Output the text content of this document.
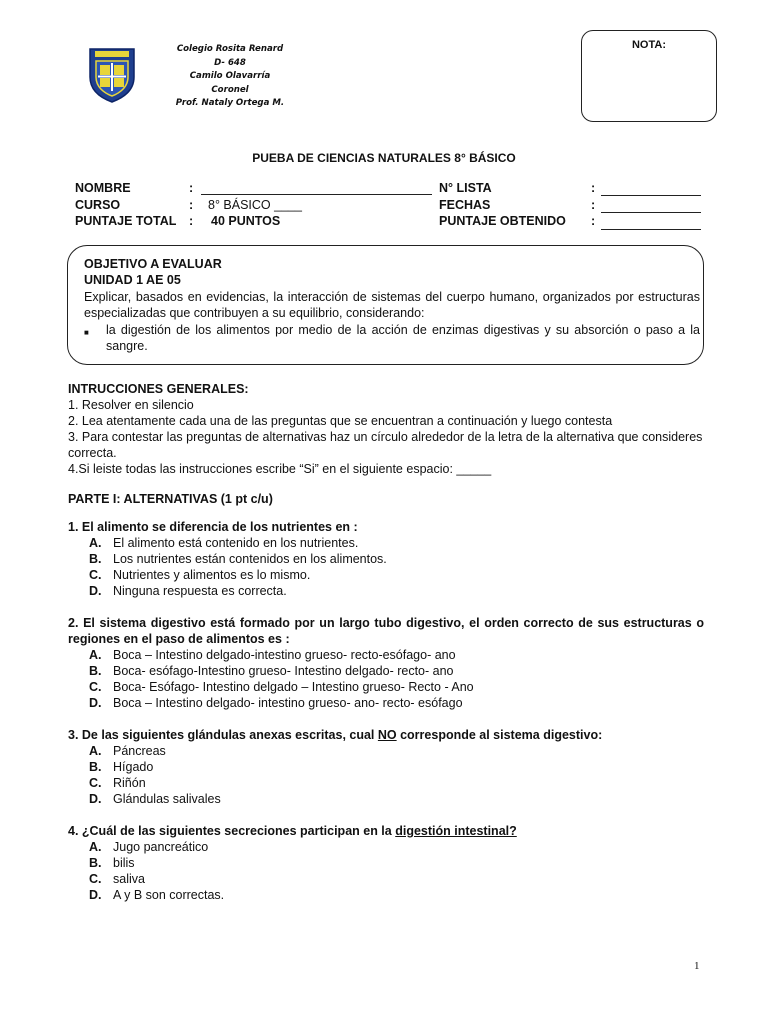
Colegio Rosita Renard
D- 648
Camilo Olavarría
Coronel
Prof. Nataly Ortega M.
NOTA:
PUEBA DE CIENCIAS NATURALES 8° BÁSICO
NOMBRE
CURSO
PUNTAJE TOTAL
:
:
:
8° BÁSICO ____
40 PUNTOS
N° LISTA
FECHAS
PUNTAJE OBTENIDO
:
:
:
OBJETIVO A EVALUAR
UNIDAD 1 AE 05
Explicar, basados en evidencias, la interacción de sistemas del cuerpo humano, organizados por estructuras especializadas que contribuyen a su equilibrio, considerando:
■	la digestión de los alimentos por medio de la acción de enzimas digestivas y su absorción o paso a la sangre.
INTRUCCIONES GENERALES:
1. Resolver en silencio
2. Lea atentamente cada una de las preguntas que se encuentran a continuación y luego contesta
3. Para contestar las preguntas de alternativas haz un círculo alrededor de la letra de la alternativa que consideres correcta.
4.Si leiste todas las instrucciones escribe “Si” en el siguiente espacio: _____
PARTE I: ALTERNATIVAS (1 pt c/u)
1. El alimento se diferencia de los nutrientes en :
A. El alimento está contenido en los nutrientes.
B. Los nutrientes están contenidos en los alimentos.
C. Nutrientes y alimentos es lo mismo.
D. Ninguna respuesta es correcta.
2. El sistema digestivo está formado por un largo tubo digestivo, el orden correcto de sus estructuras o regiones en el paso de alimentos es :
A. Boca – Intestino delgado-intestino grueso- recto-esófago- ano
B. Boca- esófago-Intestino grueso- Intestino delgado- recto- ano
C. Boca- Esófago- Intestino delgado – Intestino grueso- Recto - Ano
D. Boca – Intestino delgado- intestino grueso- ano- recto- esófago
3. De las siguientes glándulas anexas escritas, cual NO corresponde al sistema digestivo:
A. Páncreas
B. Hígado
C. Riñón
D. Glándulas salivales
4. ¿Cuál de las siguientes secreciones participan en la digestión intestinal?
A. Jugo pancreático
B. bilis
C. saliva
D. A y B son correctas.
1
